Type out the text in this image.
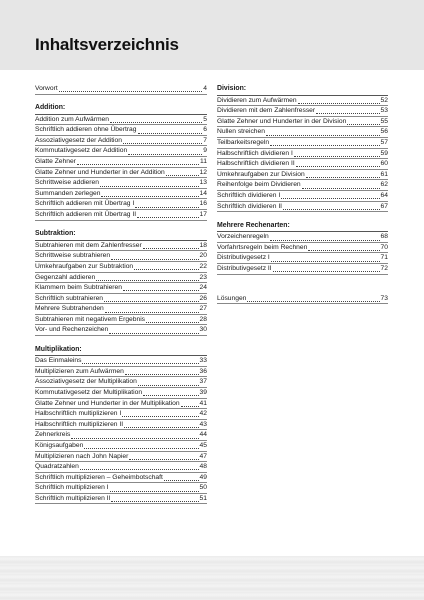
Inhaltsverzeichnis
Vorwort	4
Addition:
Addition zum Aufwärmen	5
Schriftlich addieren ohne Übertrag	6
Assoziativgesetz der Addition	7
Kommutativgesetz der Addition	9
Glatte Zehner	11
Glatte Zehner und Hunderter in der Addition	12
Schrittweise addieren	13
Summanden zerlegen	14
Schriftlich addieren mit Übertrag I	16
Schriftlich addieren mit Übertrag II	17
Subtraktion:
Subtrahieren mit dem Zahlenfresser	18
Schrittweise subtrahieren	20
Umkehraufgaben zur Subtraktion	22
Gegenzahl addieren	23
Klammern beim Subtrahieren	24
Schriftlich subtrahieren	26
Mehrere Subtrahenden	27
Subtrahieren mit negativem Ergebnis	28
Vor- und Rechenzeichen	30
Multiplikation:
Das Einmaleins	33
Multiplizieren zum Aufwärmen	36
Assoziativgesetz der Multiplikation	37
Kommutativgesetz der Multiplikation	39
Glatte Zehner und Hunderter in der Multiplikation	41
Halbschriftlich multiplizieren I	42
Halbschriftlich multiplizieren II	43
Zehnerkreis	44
Königsaufgaben	45
Multiplizieren nach John Napier	47
Quadratzahlen	48
Schriftlich multiplizieren – Geheimbotschaft	49
Schriftlich multiplizieren I	50
Schriftlich multiplizieren II	51
Division:
Dividieren zum Aufwärmen	52
Dividieren mit dem Zahlenfresser	53
Glatte Zehner und Hunderter in der Division	55
Nullen streichen	56
Teilbarkeitsregeln	57
Halbschriftlich dividieren I	59
Halbschriftlich dividieren II	60
Umkehraufgaben zur Division	61
Reihenfolge beim Dividieren	62
Schriftlich dividieren I	64
Schriftlich dividieren II	67
Mehrere Rechenarten:
Vorzeichenregeln	68
Vorfahrtsregeln beim Rechnen	70
Distributivgesetz I	71
Distributivgesetz II	72
Lösungen	73
